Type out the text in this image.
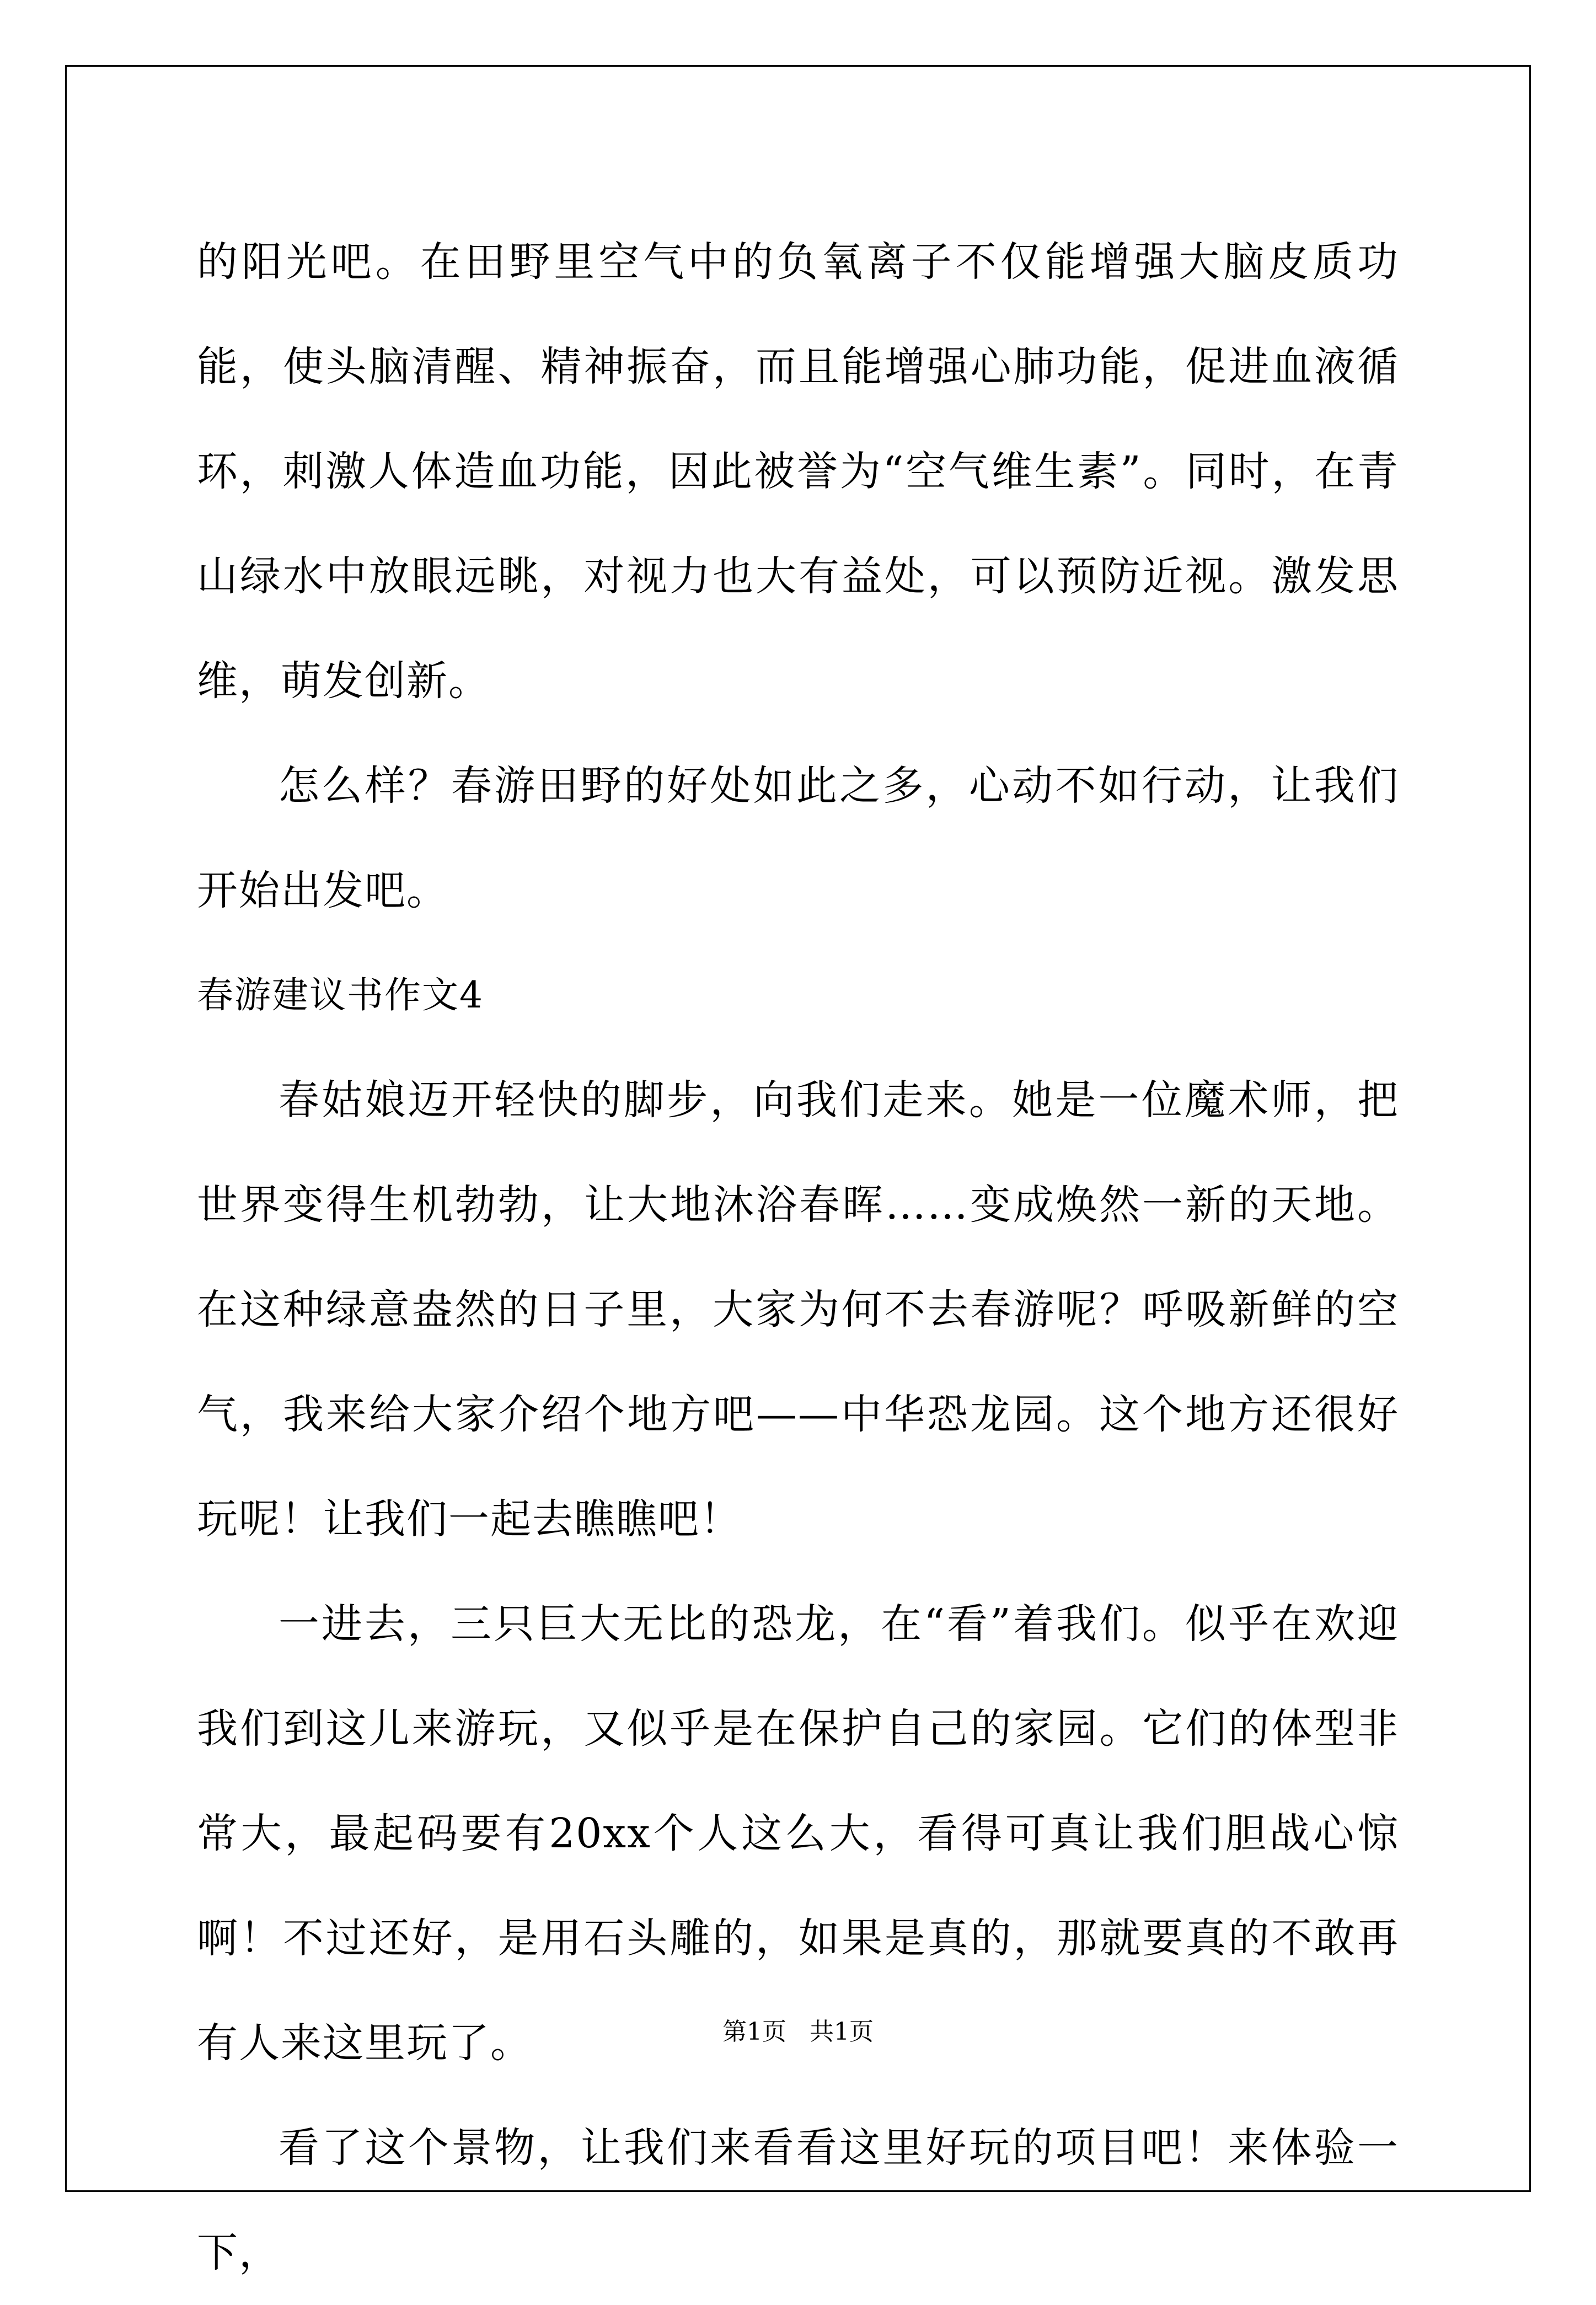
的阳光吧。在田野里空气中的负氧离子不仅能增强大脑皮质功能，使头脑清醒、精神振奋，而且能增强心肺功能，促进血液循环，刺激人体造血功能，因此被誉为“空气维生素”。同时，在青山绿水中放眼远眺，对视力也大有益处，可以预防近视。激发思维，萌发创新。

怎么样？春游田野的好处如此之多，心动不如行动，让我们开始出发吧。

春游建议书作文4

春姑娘迈开轻快的脚步，向我们走来。她是一位魔术师，把世界变得生机勃勃，让大地沐浴春晖……变成焕然一新的天地。在这种绿意盎然的日子里，大家为何不去春游呢？呼吸新鲜的空气，我来给大家介绍个地方吧——中华恐龙园。这个地方还很好玩呢！让我们一起去瞧瞧吧！

一进去，三只巨大无比的恐龙，在“看”着我们。似乎在欢迎我们到这儿来游玩，又似乎是在保护自己的家园。它们的体型非常大，最起码要有20xx个人这么大，看得可真让我们胆战心惊啊！不过还好，是用石头雕的，如果是真的，那就要真的不敢再有人来这里玩了。

看了这个景物，让我们来看看这里好玩的项目吧！来体验一下，

第1页 共1页
